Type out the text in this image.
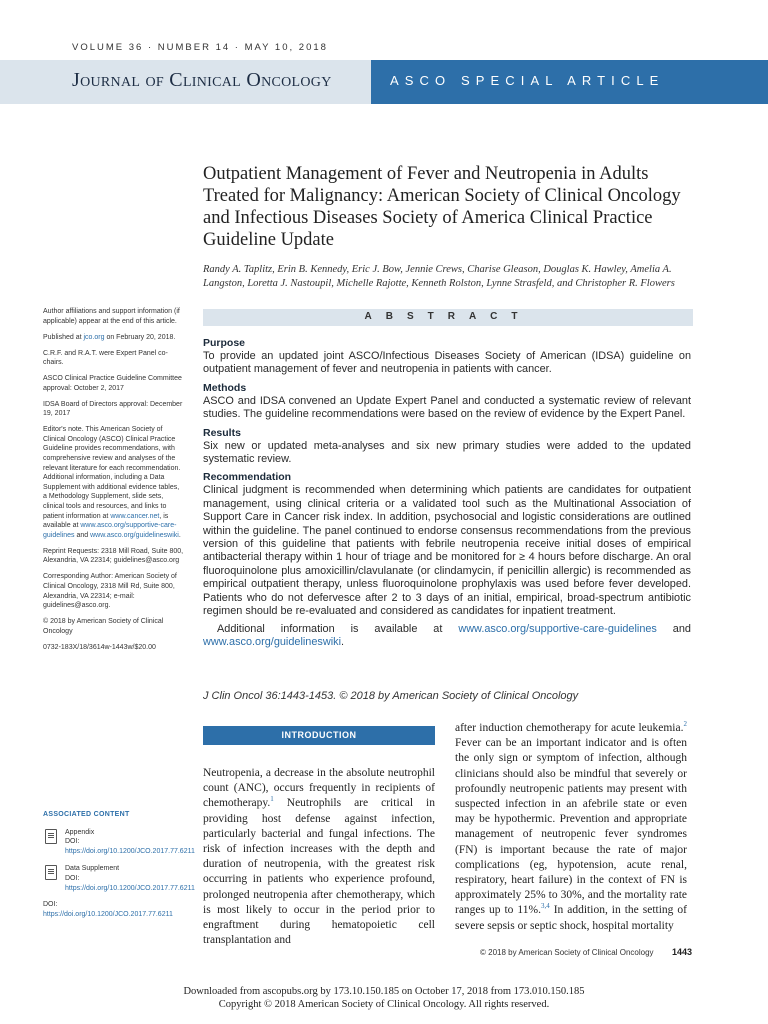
VOLUME 36 · NUMBER 14 · MAY 10, 2018
Journal of Clinical Oncology	ASCO SPECIAL ARTICLE
Outpatient Management of Fever and Neutropenia in Adults Treated for Malignancy: American Society of Clinical Oncology and Infectious Diseases Society of America Clinical Practice Guideline Update
Randy A. Taplitz, Erin B. Kennedy, Eric J. Bow, Jennie Crews, Charise Gleason, Douglas K. Hawley, Amelia A. Langston, Loretta J. Nastoupil, Michelle Rajotte, Kenneth Rolston, Lynne Strasfeld, and Christopher R. Flowers

Author affiliations and support information (if applicable) appear at the end of this article.

Published at jco.org on February 20, 2018.

C.R.F. and R.A.T. were Expert Panel co-chairs.

ASCO Clinical Practice Guideline Committee approval: October 2, 2017

IDSA Board of Directors approval: December 19, 2017

Editor's note. This American Society of Clinical Oncology (ASCO) Clinical Practice Guideline provides recommendations, with comprehensive review and analyses of the relevant literature for each recommendation. Additional information, including a Data Supplement with additional evidence tables, a Methodology Supplement, slide sets, clinical tools and resources, and links to patient information at www.cancer.net, is available at www.asco.org/supportive-care-guidelines and www.asco.org/guidelineswiki.

Reprint Requests: 2318 Mill Road, Suite 800, Alexandria, VA 22314; guidelines@asco.org

Corresponding Author: American Society of Clinical Oncology, 2318 Mill Rd, Suite 800, Alexandria, VA 22314; e-mail: guidelines@asco.org.

© 2018 by American Society of Clinical Oncology

0732-183X/18/3614w-1443w/$20.00

ASSOCIATED CONTENT
Appendix
DOI: https://doi.org/10.1200/JCO.2017.77.6211
Data Supplement
DOI: https://doi.org/10.1200/JCO.2017.77.6211
DOI: https://doi.org/10.1200/JCO.2017.77.6211
ABSTRACT
Purpose

To provide an updated joint ASCO/Infectious Diseases Society of American (IDSA) guideline on outpatient management of fever and neutropenia in patients with cancer.

Methods

ASCO and IDSA convened an Update Expert Panel and conducted a systematic review of relevant studies. The guideline recommendations were based on the review of evidence by the Expert Panel.

Results

Six new or updated meta-analyses and six new primary studies were added to the updated systematic review.

Recommendation

Clinical judgment is recommended when determining which patients are candidates for outpatient management, using clinical criteria or a validated tool such as the Multinational Association of Support Care in Cancer risk index. In addition, psychosocial and logistic considerations are outlined within the guideline. The panel continued to endorse consensus recommendations from the previous version of this guideline that patients with febrile neutropenia receive initial doses of empirical antibacterial therapy within 1 hour of triage and be monitored for ≥ 4 hours before discharge. An oral fluoroquinolone plus amoxicillin/clavulanate (or clindamycin, if penicillin allergic) is recommended as empirical outpatient therapy, unless fluoroquinolone prophylaxis was used before fever developed. Patients who do not defervesce after 2 to 3 days of an initial, empirical, broad-spectrum antibiotic regimen should be re-evaluated and considered as candidates for inpatient treatment.

Additional information is available at www.asco.org/supportive-care-guidelines and www.asco.org/guidelineswiki.

J Clin Oncol 36:1443-1453. © 2018 by American Society of Clinical Oncology
INTRODUCTION

Neutropenia, a decrease in the absolute neutrophil count (ANC), occurs frequently in recipients of chemotherapy.$^1$ Neutrophils are critical in providing host defense against infection, particularly bacterial and fungal infections. The risk of infection increases with the depth and duration of neutropenia, with the greatest risk occurring in patients who experience profound, prolonged neutropenia after chemotherapy, which is most likely to occur in the period prior to engraftment during hematopoietic cell transplantation and

after induction chemotherapy for acute leukemia.$^2$ Fever can be an important indicator and is often the only sign or symptom of infection, although clinicians should also be mindful that severely or profoundly neutropenic patients may present with suspected infection in an afebrile state or even may be hypothermic. Prevention and appropriate management of neutropenic fever syndromes (FN) is important because the rate of major complications (eg, hypotension, acute renal, respiratory, heart failure) in the context of FN is approximately 25% to 30%, and the mortality rate ranges up to 11%.$^{3,4}$ In addition, in the setting of severe sepsis or septic shock, hospital mortality

© 2018 by American Society of Clinical Oncology 1443
Downloaded from ascopubs.org by 173.10.150.185 on October 17, 2018 from 173.010.150.185
Copyright © 2018 American Society of Clinical Oncology. All rights reserved.
